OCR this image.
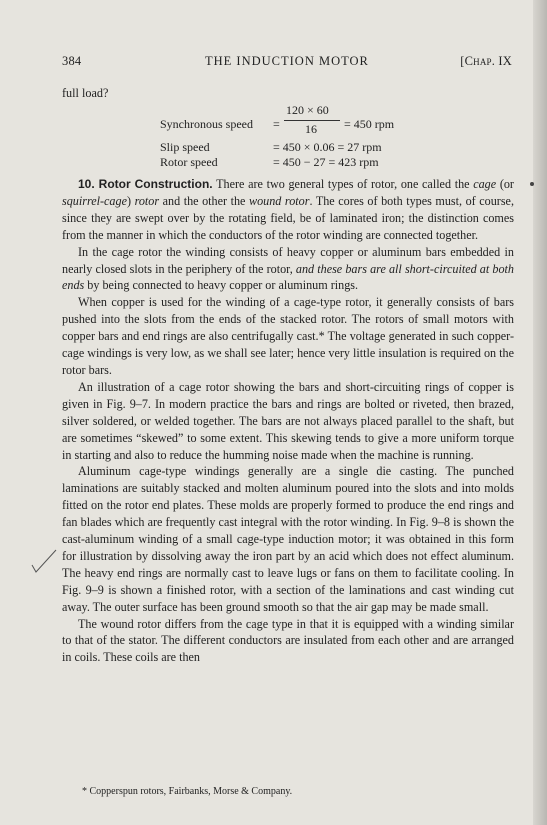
384	THE INDUCTION MOTOR	[Chap. IX
full load?
Synchronous speed =
120 × 60
16 = 450 rpm
Slip speed	= 450 × 0.06 = 27 rpm
Rotor speed	= 450 − 27 = 423 rpm

10. Rotor Construction. There are two general types of rotor, one called the cage (or squirrel-cage) rotor and the other the wound rotor. The cores of both types must, of course, since they are swept over by the rotating field, be of laminated iron; the distinction comes from the manner in which the conductors of the rotor winding are connected together.

In the cage rotor the winding consists of heavy copper or aluminum bars embedded in nearly closed slots in the periphery of the rotor, and these bars are all short-circuited at both ends by being connected to heavy copper or aluminum rings.

When copper is used for the winding of a cage-type rotor, it generally consists of bars pushed into the slots from the ends of the stacked rotor. The rotors of small motors with copper bars and end rings are also centrifugally cast.* The voltage generated in such copper-cage windings is very low, as we shall see later; hence very little insulation is required on the rotor bars.

An illustration of a cage rotor showing the bars and short-circuiting rings of copper is given in Fig. 9–7. In modern practice the bars and rings are bolted or riveted, then brazed, silver soldered, or welded together. The bars are not always placed parallel to the shaft, but are sometimes “skewed” to some extent. This skewing tends to give a more uniform torque in starting and also to reduce the humming noise made when the machine is running.

Aluminum cage-type windings generally are a single die casting. The punched laminations are suitably stacked and molten aluminum poured into the slots and into molds fitted on the rotor end plates. These molds are properly formed to produce the end rings and fan blades which are frequently cast integral with the rotor winding. In Fig. 9–8 is shown the cast-aluminum winding of a small cage-type induction motor; it was obtained in this form for illustration by dissolving away the iron part by an acid which does not effect aluminum. The heavy end rings are normally cast to leave lugs or fans on them to facilitate cooling. In Fig. 9–9 is shown a finished rotor, with a section of the laminations and cast winding cut away. The outer surface has been ground smooth so that the air gap may be made small.

The wound rotor differs from the cage type in that it is equipped with a winding similar to that of the stator. The different conductors are insulated from each other and are arranged in coils. These coils are then

* Copperspun rotors, Fairbanks, Morse & Company.
